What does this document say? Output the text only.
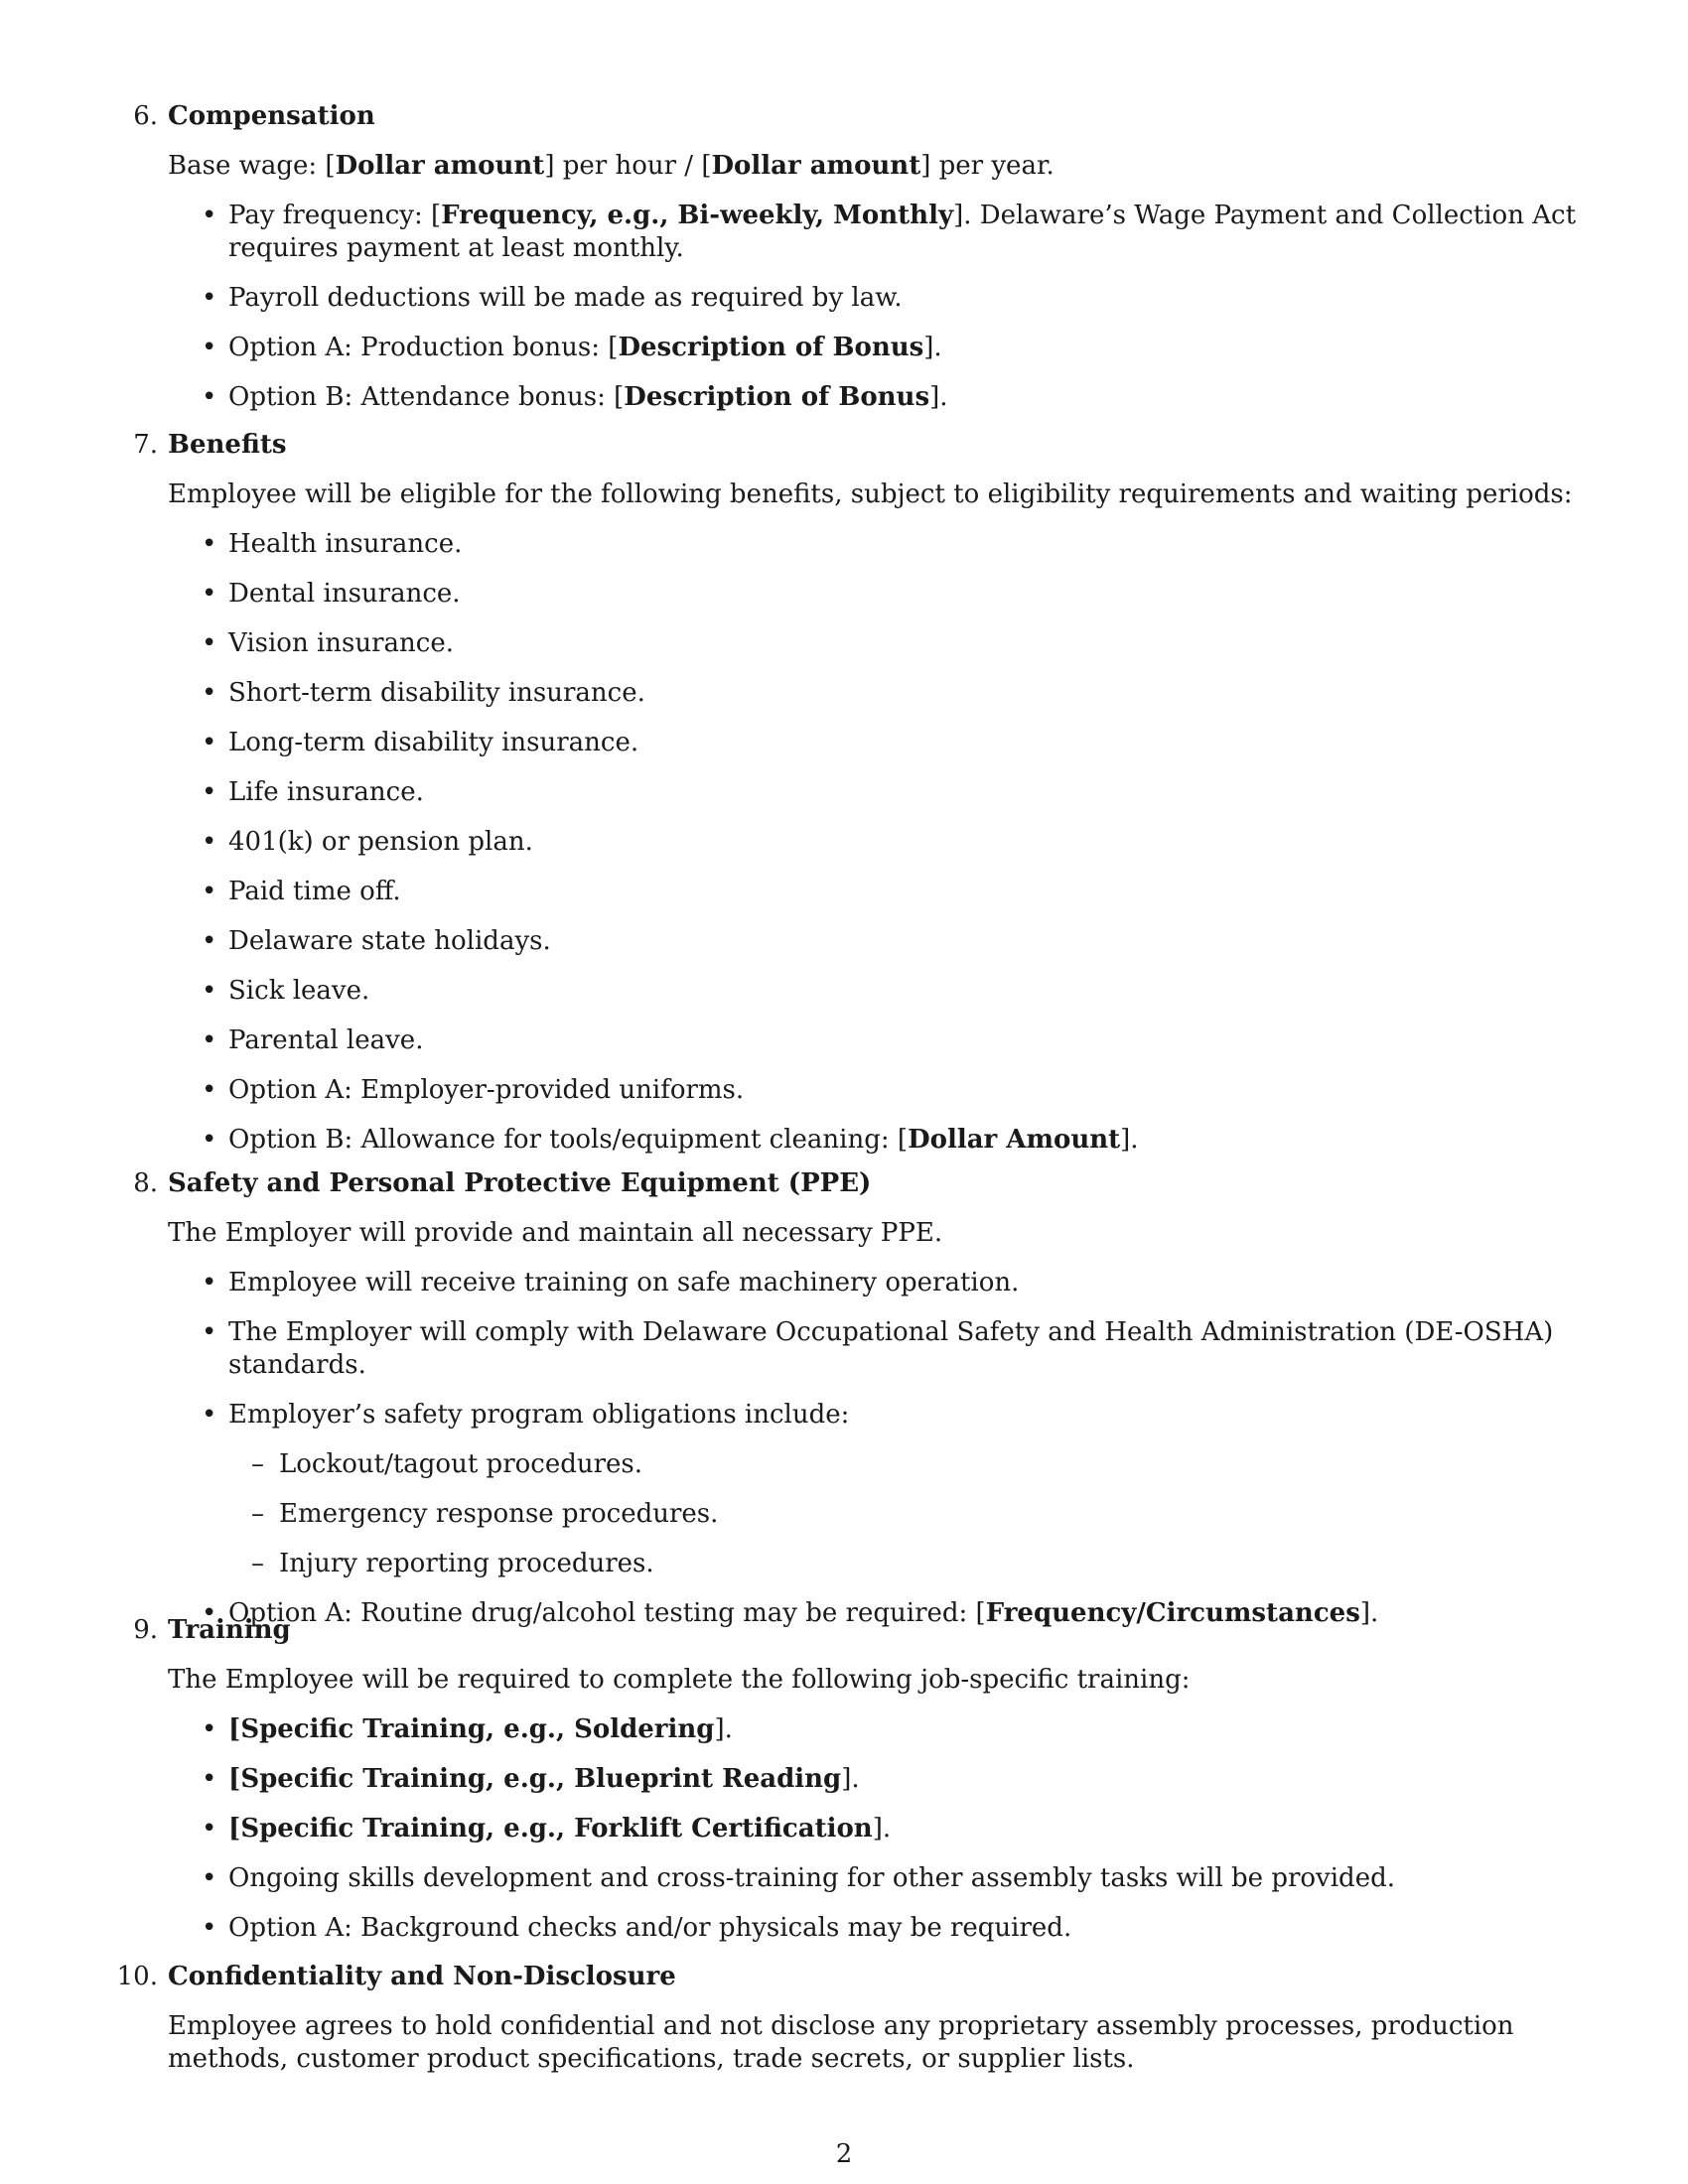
6. Compensation
Base wage: [Dollar amount] per hour / [Dollar amount] per year.
• Pay frequency: [Frequency, e.g., Bi-weekly, Monthly]. Delaware’s Wage Payment and Collection Act requires payment at least monthly.
• Payroll deductions will be made as required by law.
• Option A: Production bonus: [Description of Bonus].
• Option B: Attendance bonus: [Description of Bonus].
7. Benefits
Employee will be eligible for the following benefits, subject to eligibility requirements and waiting periods:
• Health insurance.
• Dental insurance.
• Vision insurance.
• Short-term disability insurance.
• Long-term disability insurance.
• Life insurance.
• 401(k) or pension plan.
• Paid time off.
• Delaware state holidays.
• Sick leave.
• Parental leave.
• Option A: Employer-provided uniforms.
• Option B: Allowance for tools/equipment cleaning: [Dollar Amount].
8. Safety and Personal Protective Equipment (PPE)
The Employer will provide and maintain all necessary PPE.
• Employee will receive training on safe machinery operation.
• The Employer will comply with Delaware Occupational Safety and Health Administration (DE-OSHA) standards.
• Employer’s safety program obligations include:
– Lockout/tagout procedures.
– Emergency response procedures.
– Injury reporting procedures.
• Option A: Routine drug/alcohol testing may be required: [Frequency/Circumstances].
9. Training
The Employee will be required to complete the following job-specific training:
• [Specific Training, e.g., Soldering].
• [Specific Training, e.g., Blueprint Reading].
• [Specific Training, e.g., Forklift Certification].
• Ongoing skills development and cross-training for other assembly tasks will be provided.
• Option A: Background checks and/or physicals may be required.
10. Confidentiality and Non-Disclosure
Employee agrees to hold confidential and not disclose any proprietary assembly processes, production methods, customer product specifications, trade secrets, or supplier lists.
2
